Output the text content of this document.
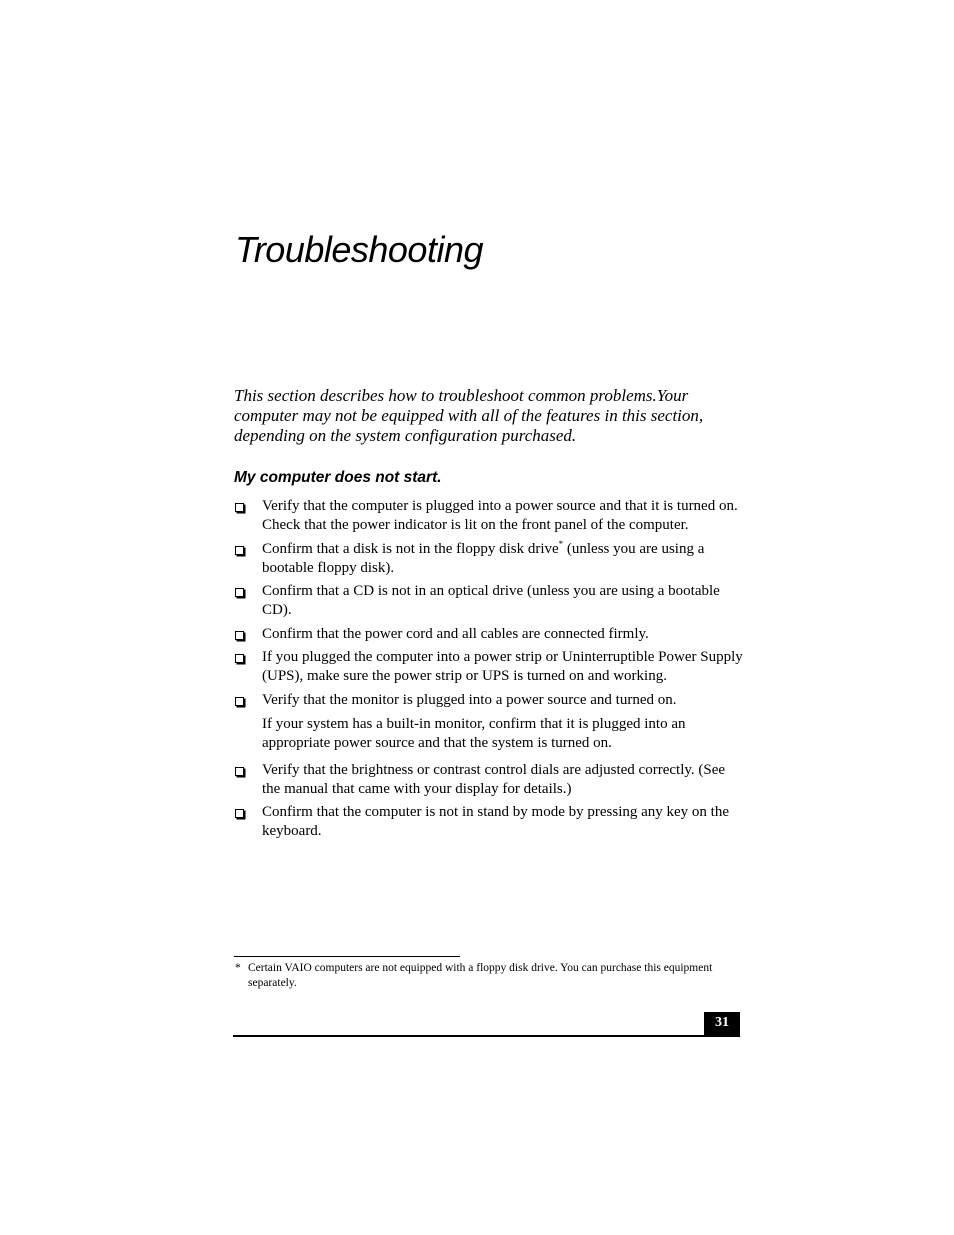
Troubleshooting

This section describes how to troubleshoot common problems.Your computer may not be equipped with all of the features in this section, depending on the system configuration purchased.

My computer does not start.
Verify that the computer is plugged into a power source and that it is turned on. Check that the power indicator is lit on the front panel of the computer.
Confirm that a disk is not in the floppy disk drive* (unless you are using a bootable floppy disk).
Confirm that a CD is not in an optical drive (unless you are using a bootable CD).
Confirm that the power cord and all cables are connected firmly.
If you plugged the computer into a power strip or Uninterruptible Power Supply (UPS), make sure the power strip or UPS is turned on and working.
Verify that the monitor is plugged into a power source and turned on.
If your system has a built-in monitor, confirm that it is plugged into an appropriate power source and that the system is turned on.
Verify that the brightness or contrast control dials are adjusted correctly. (See the manual that came with your display for details.)
Confirm that the computer is not in stand by mode by pressing any key on the keyboard.
* Certain VAIO computers are not equipped with a floppy disk drive. You can purchase this equipment separately.
31
